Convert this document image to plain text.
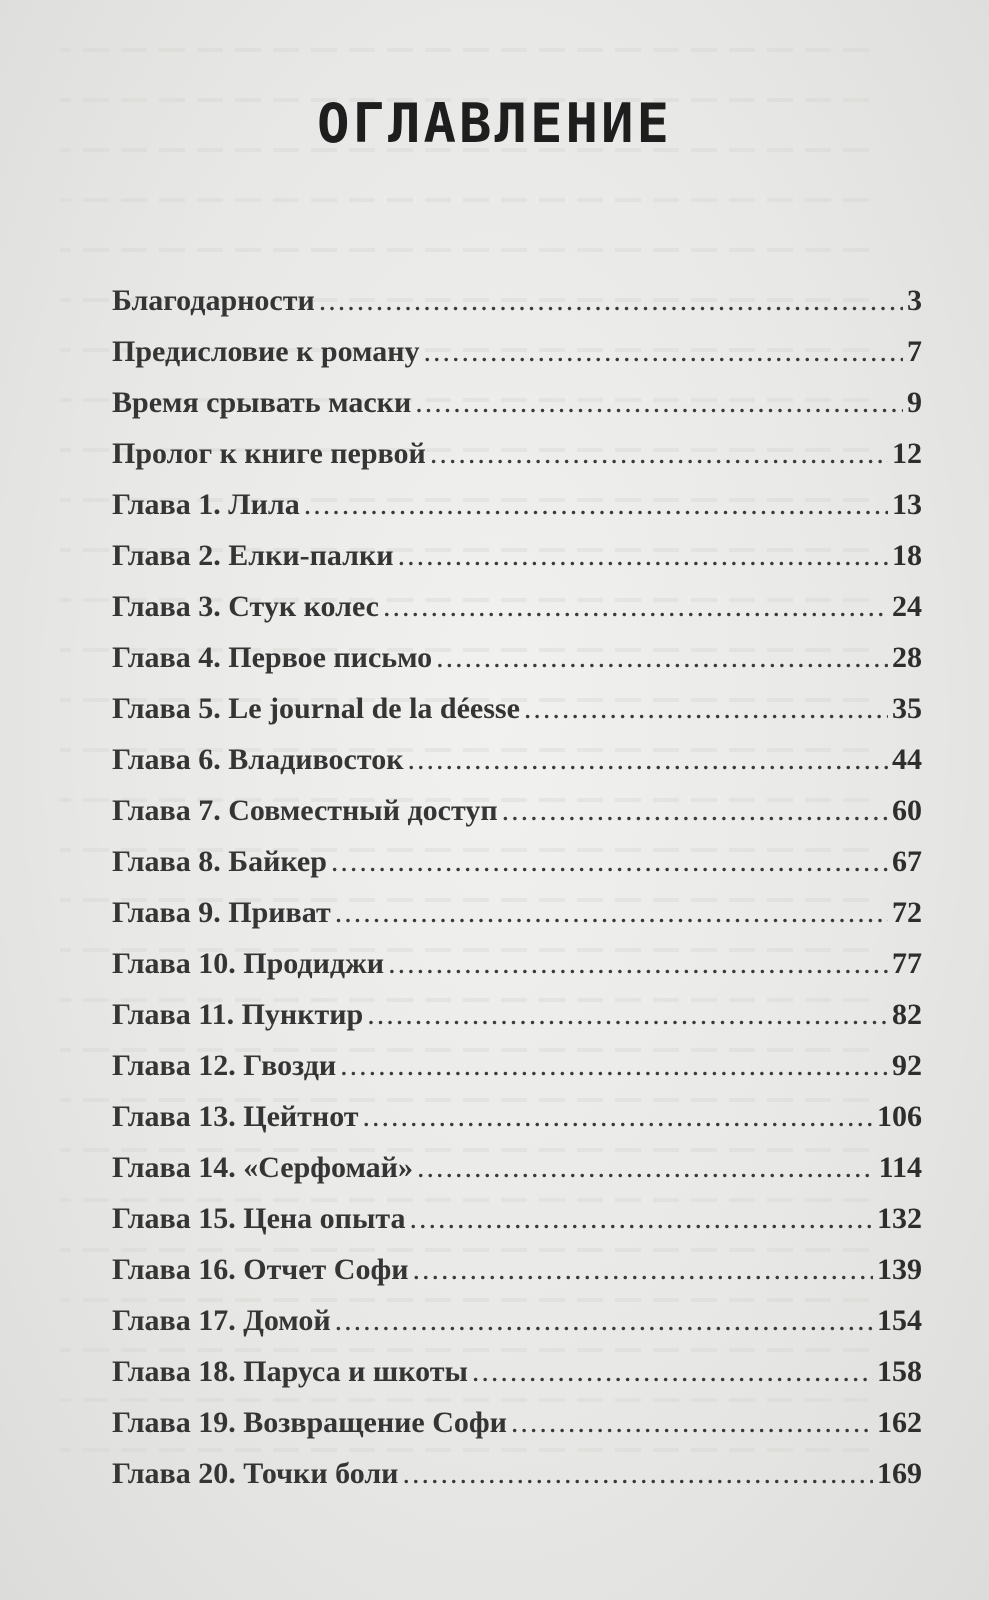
ОГЛАВЛЕНИЕ
Благодарности .....	3
Предисловие к роману .....	7
Время срывать маски .....	9
Пролог к книге первой .....	12
Глава 1. Лила .....	13
Глава 2. Елки-палки .....	18
Глава 3. Стук колес .....	24
Глава 4. Первое письмо .....	28
Глава 5. Le journal de la déesse .....	35
Глава 6. Владивосток .....	44
Глава 7. Совместный доступ .....	60
Глава 8. Байкер .....	67
Глава 9. Приват .....	72
Глава 10. Продиджи .....	77
Глава 11. Пунктир .....	82
Глава 12. Гвозди .....	92
Глава 13. Цейтнот .....	106
Глава 14. «Серфомай» .....	114
Глава 15. Цена опыта .....	132
Глава 16. Отчет Софи .....	139
Глава 17. Домой .....	154
Глава 18. Паруса и шкоты .....	158
Глава 19. Возвращение Софи .....	162
Глава 20. Точки боли .....	169
